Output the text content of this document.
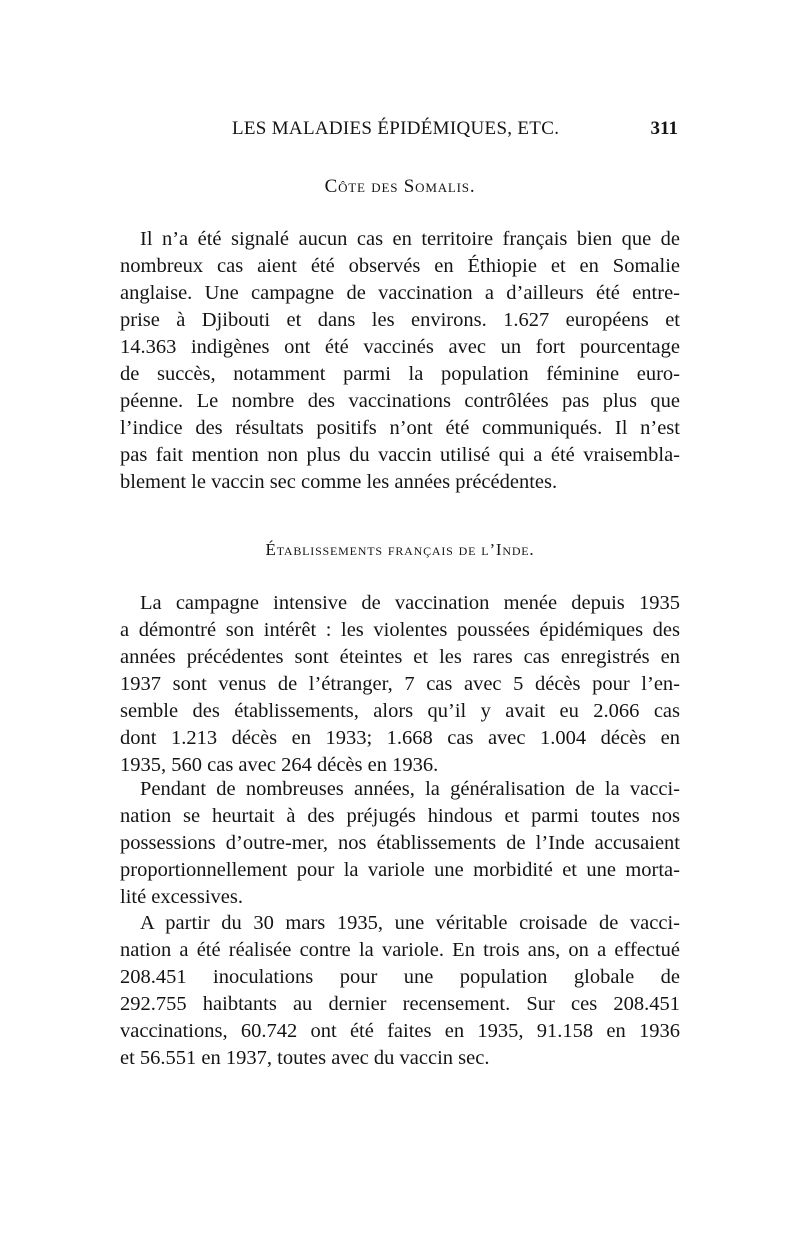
LES MALADIES ÉPIDÉMIQUES, ETC.	311
Côte des Somalis.

Il n’a été signalé aucun cas en territoire français bien que de
nombreux cas aient été observés en Éthiopie et en Somalie
anglaise. Une campagne de vaccination a d’ailleurs été entre-
prise à Djibouti et dans les environs. 1.627 européens et
14.363 indigènes ont été vaccinés avec un fort pourcentage
de succès, notamment parmi la population féminine euro-
péenne. Le nombre des vaccinations contrôlées pas plus que
l’indice des résultats positifs n’ont été communiqués. Il n’est
pas fait mention non plus du vaccin utilisé qui a été vraisembla-
blement le vaccin sec comme les années précédentes.

Établissements français de l’Inde.

La campagne intensive de vaccination menée depuis 1935
a démontré son intérêt : les violentes poussées épidémiques des
années précédentes sont éteintes et les rares cas enregistrés en
1937 sont venus de l’étranger, 7 cas avec 5 décès pour l’en-
semble des établissements, alors qu’il y avait eu 2.066 cas
dont 1.213 décès en 1933; 1.668 cas avec 1.004 décès en
1935, 560 cas avec 264 décès en 1936.

Pendant de nombreuses années, la généralisation de la vacci-
nation se heurtait à des préjugés hindous et parmi toutes nos
possessions d’outre-mer, nos établissements de l’Inde accusaient
proportionnellement pour la variole une morbidité et une morta-
lité excessives.

A partir du 30 mars 1935, une véritable croisade de vacci-
nation a été réalisée contre la variole. En trois ans, on a effectué
208.451 inoculations pour une population globale de
292.755 haibtants au dernier recensement. Sur ces 208.451
vaccinations, 60.742 ont été faites en 1935, 91.158 en 1936
et 56.551 en 1937, toutes avec du vaccin sec.
